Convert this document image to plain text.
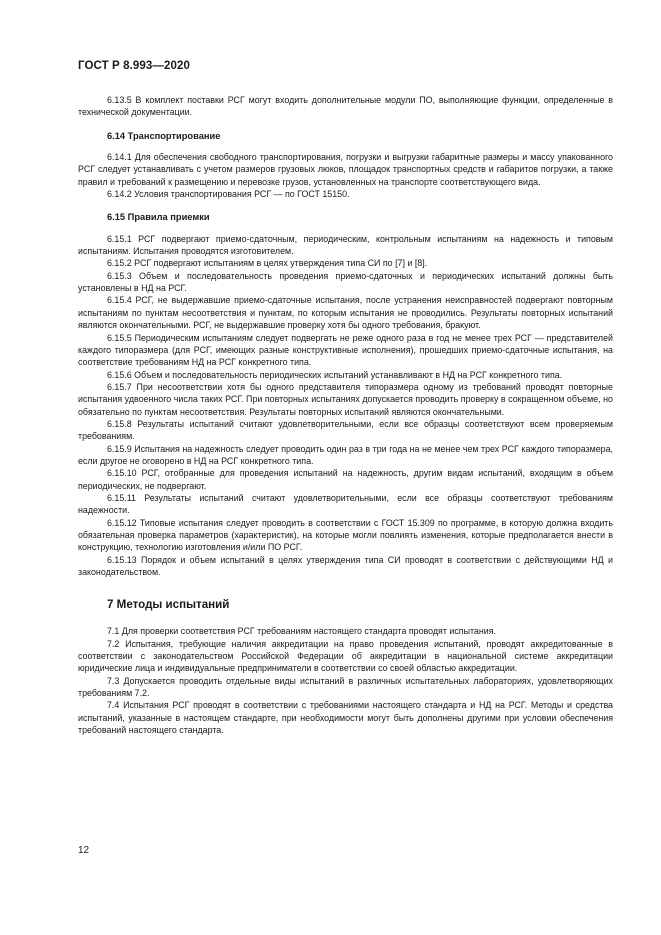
ГОСТ Р 8.993—2020

6.13.5 В комплект поставки РСГ могут входить дополнительные модули ПО, выполняющие функции, определенные в технической документации.

6.14 Транспортирование

6.14.1 Для обеспечения свободного транспортирования, погрузки и выгрузки габаритные размеры и массу упакованного РСГ следует устанавливать с учетом размеров грузовых люков, площадок транспортных средств и габаритов погрузки, а также правил и требований к размещению и перевозке грузов, установленных на транспорте соответствующего вида.

6.14.2 Условия транспортирования РСГ — по ГОСТ 15150.

6.15 Правила приемки

6.15.1 РСГ подвергают приемо-сдаточным, периодическим, контрольным испытаниям на надежность и типовым испытаниям. Испытания проводятся изготовителем.

6.15.2 РСГ подвергают испытаниям в целях утверждения типа СИ по [7] и [8].

6.15.3 Объем и последовательность проведения приемо-сдаточных и периодических испытаний должны быть установлены в НД на РСГ.

6.15.4 РСГ, не выдержавшие приемо-сдаточные испытания, после устранения неисправностей подвергают повторным испытаниям по пунктам несоответствия и пунктам, по которым испытания не проводились. Результаты повторных испытаний являются окончательными. РСГ, не выдержавшие проверку хотя бы одного требования, бракуют.

6.15.5 Периодическим испытаниям следует подвергать не реже одного раза в год не менее трех РСГ — представителей каждого типоразмера (для РСГ, имеющих разные конструктивные исполнения), прошедших приемо-сдаточные испытания, на соответствие требованиям НД на РСГ конкретного типа.

6.15.6 Объем и последовательность периодических испытаний устанавливают в НД на РСГ конкретного типа.

6.15.7 При несоответствии хотя бы одного представителя типоразмера одному из требований проводят повторные испытания удвоенного числа таких РСГ. При повторных испытаниях допускается проводить проверку в сокращенном объеме, но обязательно по пунктам несоответствия. Результаты повторных испытаний являются окончательными.

6.15.8 Результаты испытаний считают удовлетворительными, если все образцы соответствуют всем проверяемым требованиям.

6.15.9 Испытания на надежность следует проводить один раз в три года на не менее чем трех РСГ каждого типоразмера, если другое не оговорено в НД на РСГ конкретного типа.

6.15.10 РСГ, отобранные для проведения испытаний на надежность, другим видам испытаний, входящим в объем периодических, не подвергают.

6.15.11 Результаты испытаний считают удовлетворительными, если все образцы соответствуют требованиям надежности.

6.15.12 Типовые испытания следует проводить в соответствии с ГОСТ 15.309 по программе, в которую должна входить обязательная проверка параметров (характеристик), на которые могли повлиять изменения, которые предполагается внести в конструкцию, технологию изготовления и/или ПО РСГ.

6.15.13 Порядок и объем испытаний в целях утверждения типа СИ проводят в соответствии с действующими НД и законодательством.

7 Методы испытаний

7.1 Для проверки соответствия РСГ требованиям настоящего стандарта проводят испытания.

7.2 Испытания, требующие наличия аккредитации на право проведения испытаний, проводят аккредитованные в соответствии с законодательством Российской Федерации об аккредитации в национальной системе аккредитации юридические лица и индивидуальные предприниматели в соответствии со своей областью аккредитации.

7.3 Допускается проводить отдельные виды испытаний в различных испытательных лабораториях, удовлетворяющих требованиям 7.2.

7.4 Испытания РСГ проводят в соответствии с требованиями настоящего стандарта и НД на РСГ. Методы и средства испытаний, указанные в настоящем стандарте, при необходимости могут быть дополнены другими при условии обеспечения требований настоящего стандарта.

12
